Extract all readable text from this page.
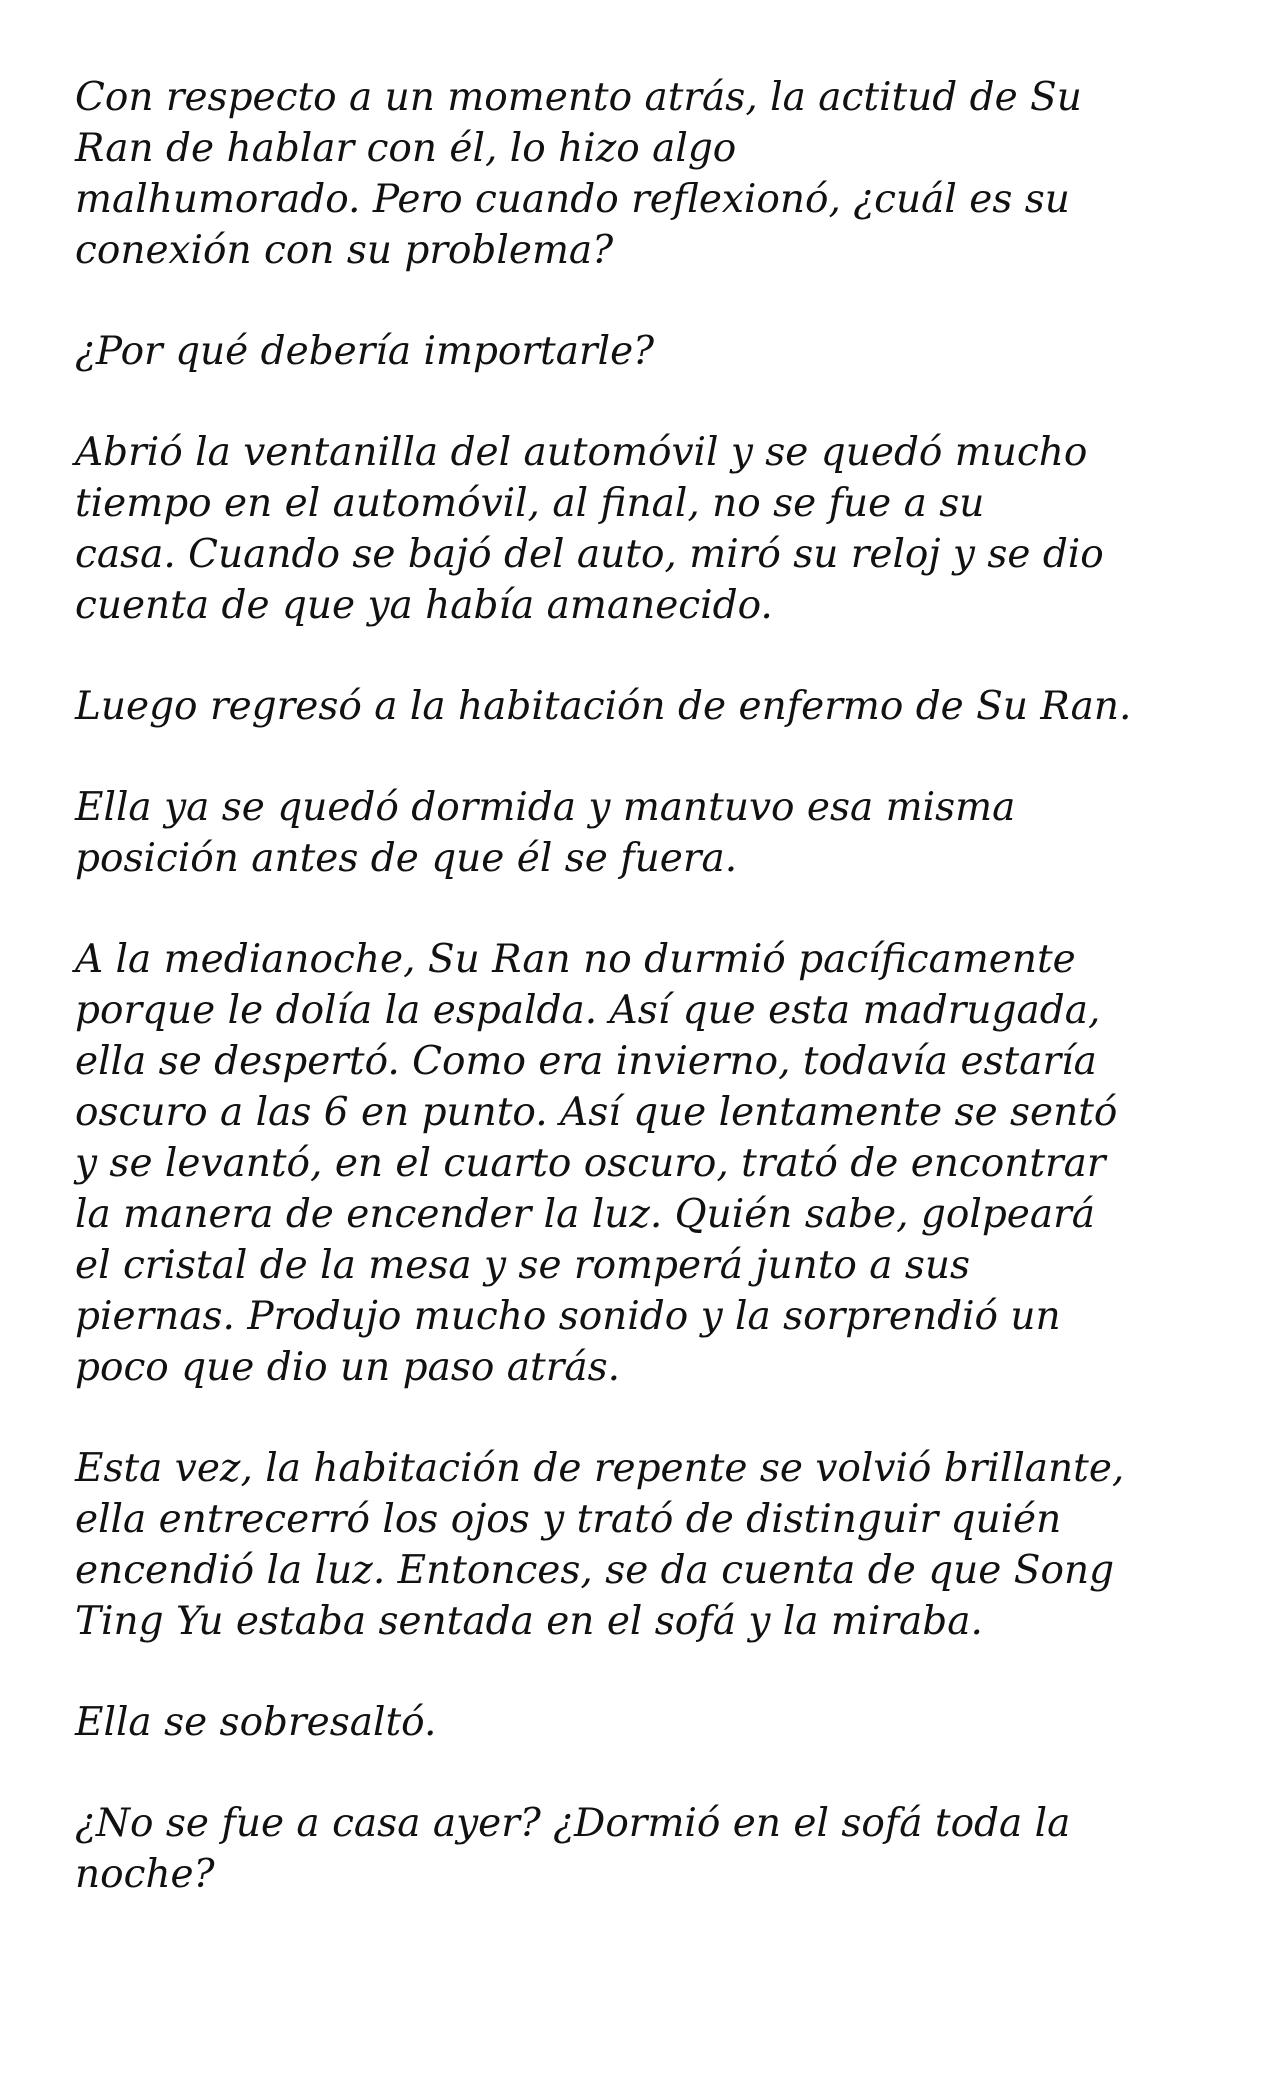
Con respecto a un momento atrás, la actitud de Su
Ran de hablar con él, lo hizo algo
malhumorado. Pero cuando reflexionó, ¿cuál es su
conexión con su problema?

¿Por qué debería importarle?

Abrió la ventanilla del automóvil y se quedó mucho
tiempo en el automóvil, al final, no se fue a su
casa. Cuando se bajó del auto, miró su reloj y se dio
cuenta de que ya había amanecido.

Luego regresó a la habitación de enfermo de Su Ran.

Ella ya se quedó dormida y mantuvo esa misma
posición antes de que él se fuera.

A la medianoche, Su Ran no durmió pacíficamente
porque le dolía la espalda. Así que esta madrugada,
ella se despertó. Como era invierno, todavía estaría
oscuro a las 6 en punto. Así que lentamente se sentó
y se levantó, en el cuarto oscuro, trató de encontrar
la manera de encender la luz. Quién sabe, golpeará
el cristal de la mesa y se romperá junto a sus
piernas. Produjo mucho sonido y la sorprendió un
poco que dio un paso atrás.

Esta vez, la habitación de repente se volvió brillante,
ella entrecerró los ojos y trató de distinguir quién
encendió la luz. Entonces, se da cuenta de que Song
Ting Yu estaba sentada en el sofá y la miraba.

Ella se sobresaltó.

¿No se fue a casa ayer? ¿Dormió en el sofá toda la
noche?
